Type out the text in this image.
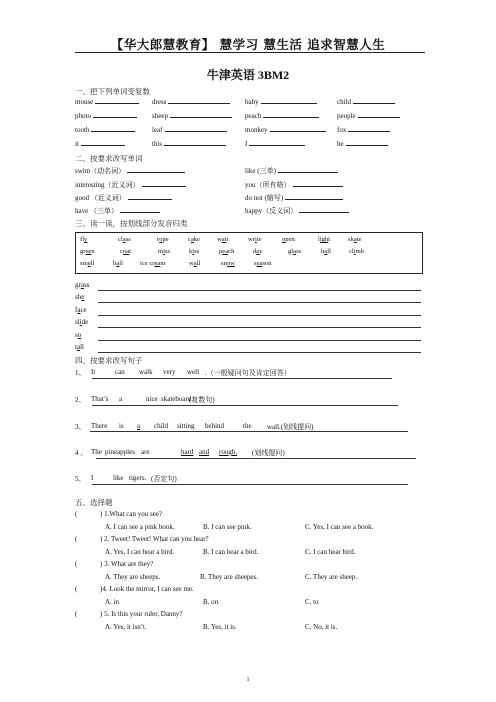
【华大郎慧教育】 慧学习 慧生活 追求智慧人生
牛津英语 3BM2
一、把下列单词变复数
mouse	dress	baby	child
photo	sheep	peach	people
tooth	leaf	monkey	fox
it	this	I	he
二、按要求改写单词
swim（动名词）	like (三单)
interesting（近义词）	you（所有格）
good （近义词）	do not (缩写)
have （三单）	happy（反义词）
三、读一读，按划线部分发音归类
fly	class	rope	cake	wait	write	open	light	skate
green	coat	miss	kiss	peach	day	glass	hall	climb
smell	ball	ice cream	wall	snow	season
grass
she
face
slide
so
tall
四、按要求改写句子
1、 It	can walk very well .（一般疑问句及肯定回答）
2、 That’s a	nice skateboard.
(复数句)
3、 There is a child sitting behind	the wall.(划线提问)
4 、 The pineapples are	hard and rough. (划线提问)
5、 I	like tigers. (否定句)
五、选择题
(	) 1.What can you see?
A. I can see a pink book.	B. I can see pink.	C. Yes, I can see a book.
(	) 2. Tweet! Tweet! What can you hear?
A. Yes, I can hear a bird.	B. I can hear a bird.	C. I can hear bird.
(	) 3. What are they?
A. They are sheeps.	B. They are sheepes.	C. They are sheep.
(	)4. Look the mirror, I can see me.
A. in	B. on	C. to
(	) 5. Is this your ruler, Danny?
A. Yes, it isn’t.	B. Yes, it is.	C. No, it is.
1
